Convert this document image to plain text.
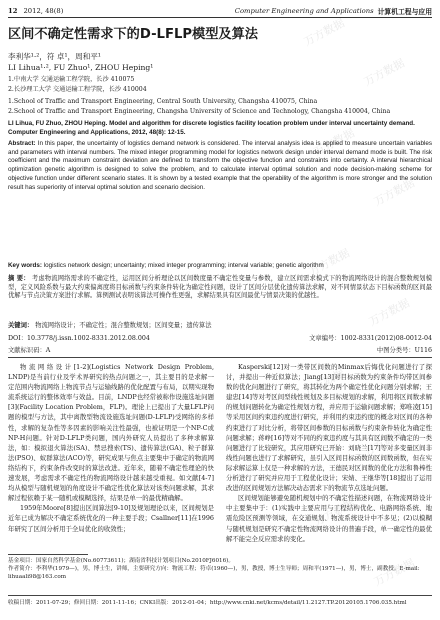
万方数据
万方数据
万方数据
万方数据
万方数据
万方数据
万方数据
万方数据
万方数据
万方数据
12 2012, 48(8)	Computer Engineering and Applications 计算机工程与应用
区间不确定性需求下的D-LFLP模型及算法
李利华¹·²，符 卓¹，周和平¹
LI Lihua¹·², FU Zhuo¹, ZHOU Heping¹
1.中南大学 交通运输工程学院，长沙 410075
2.长沙理工大学 交通运输工程学院，长沙 410004
1.School of Traffic and Transport Engineering, Central South University, Changsha 410075, China
2.School of Traffic and Transport Engineering, Changsha University of Science and Technology, Changsha 410004, China
LI Lihua, FU Zhuo, ZHOU Heping. Model and algorithm for discrete logistics facility location problem under interval uncertainty demand. Computer Engineering and Applications, 2012, 48(8): 12-15.
Abstract: In this paper, the uncertainty of logistics demand network is considered. The interval analysis idea is applied to measure uncertain variables and parameters with interval numbers. The mixed integer programming model for logistics network design under interval demand mode is built. The risk coefficient and the maximum constraint deviation are defined to transform the objective function and constraints into certainty. A interval hierarchical optimization genetic algorithm is designed to solve the problem, and to calculate interval optimal solution and node decision-making scheme for objective function under different scenario states. It is shown by a tested example that the operability of the algorithm is more stronger and the solution result has superiority of interval optimal solution and scenario decision.
Key words: logistics network design; uncertainty; mixed integer programming; interval variable; genetic algorithm
摘 要： 考虑物流网络需求的不确定性，运用区间分析理论以区间数度量不确定性变量与参数，建立区间需求模式下的物流网络设计的混合整数规划模型，定义风险系数与最大约束偏离度将目标函数与约束条件转化为确定性问题，设计了区间分层优化遗传算法求解，对不同情景状态下目标函数的区间最优解与节点决策方案进行求解。算例测试表明该算法可操作性更强，求解结果具有区间最优与情景决策的优越性。
关键词： 物流网络设计；不确定性；混合整数规划；区间变量；遗传算法
DOI：10.3778/j.issn.1002-8331.2012.08.004	文章编号：1002-8331(2012)08-0012-04
文献标识码：A	中图分类号：U116

物流网络设计[1-2](Logistics Network Design Problem, LNDP)是当前行业及学术界研究的热点问题之一，其主要目的是求解一定范围内物流网络上物流节点与运输线路的优化配置与布局，以期实现物流系统运行的整体效率与效益。目前，LNDP也经常被称作设施选址问题[3](Facility Location Problem，FLP)。理论上已提出了大量LFLP问题的模型与方法，其中离散型物流设施选址问题(D-LFLP)受网络的多样性，求解的复杂性等多因素的影响关注性最强，也被证明是一个NP-C或NP-H问题。针对D-LFLP类问题，国内外研究人员提出了多种求解算法，如：模拟退火算法(SA)、禁忌搜索(TS)、遗传算法(GA)、粒子群算法(PSO)、蚁群算法(ACO)等，研究成果与焦点主要集中于确定的物流网络结构下，约束条件改变时的算法改进。近年来，随着不确定性理论的快速发展，考虑需求不确定性的物流网络设计越来越受重视。如文献[4-7]均从模型与随机规划的角度设计不确定性优化算法对该类问题求解，其求解过程依赖于某一随机或模糊选择，结果是单一的最优精确解。

1959年Moore[8]提出区间算法[9-10]及规划理论以来，区间规划是近年已成为解决不确定系统优化的一种主要手段；Csallner[11]在1996年研究了区间分析用于全局优化的收敛性；

Kasperski[12]对一类带区间数的Minmax后悔优化问题进行了探讨，并提出一种近似算法；Jiang[13]对目标函数为约束条件均带区间参数的优化问题进行了研究，将其转化为两个确定性优化问题分别求解；王建忠[14]等对考区间型线性规划及多目标规划的求解，利用将区间数求解的规划问题转化为确定性规划方程，并应用于运输问题求解；郑唯凌[15]等采用区间约束违约度进行研究，并利用约束违约度的概念对区间的各种约束进行了对比分析，将带区间参数的目标函数与约束条件转化为确定性问题求解；蒋峥[16]等对不同的约束违约度与其具有区间数不确定的一类问题进行了比较研究，其应用研究已开始：刘晓兰[17]等对多变量区间非线性问题也进行了求解研究，虽引入区间目标函数的区间数函数，但在实际求解运算上仅是一种求解的方法，王德民对区间数的优化方法和鲁棒性分析进行了研究并应用于工程优化设计；宋婧、王继华等[18]提出了运用改进的区间规划方法解决动态需求下的物流节点选址问题。

区间规划能够避免随机规划中的不确定性描述问题，在物流网络设计中主要集中于：(1)实践中主要应用与工程结构优化、电路网络系统、地震危险区预测等领域，在交通规划、物流系统设计中不多见；(2)以模糊与随机规划是研究不确定性物流网络设计的普遍手段，单一确定性的最优解不能完全反应需求的变化。

基金项目：国家自然科学基金(No.60773611)；湖南省科技计划项目(No.2010FJ6016)。
作者简介：李利华(1979—)，男，博士生，讲师，主要研究方向：物流工程；符卓(1960—)，男，教授，博士生导师；周和平(1971—)，男，博士，副教授。E-mail: lihuaali98@163.com
收稿日期：2011-07-29；修回日期：2011-11-16；CNKI出版：2012-01-04；http://www.cnki.net/kcms/detail/11.2127.TP.20120105.1706.035.html
